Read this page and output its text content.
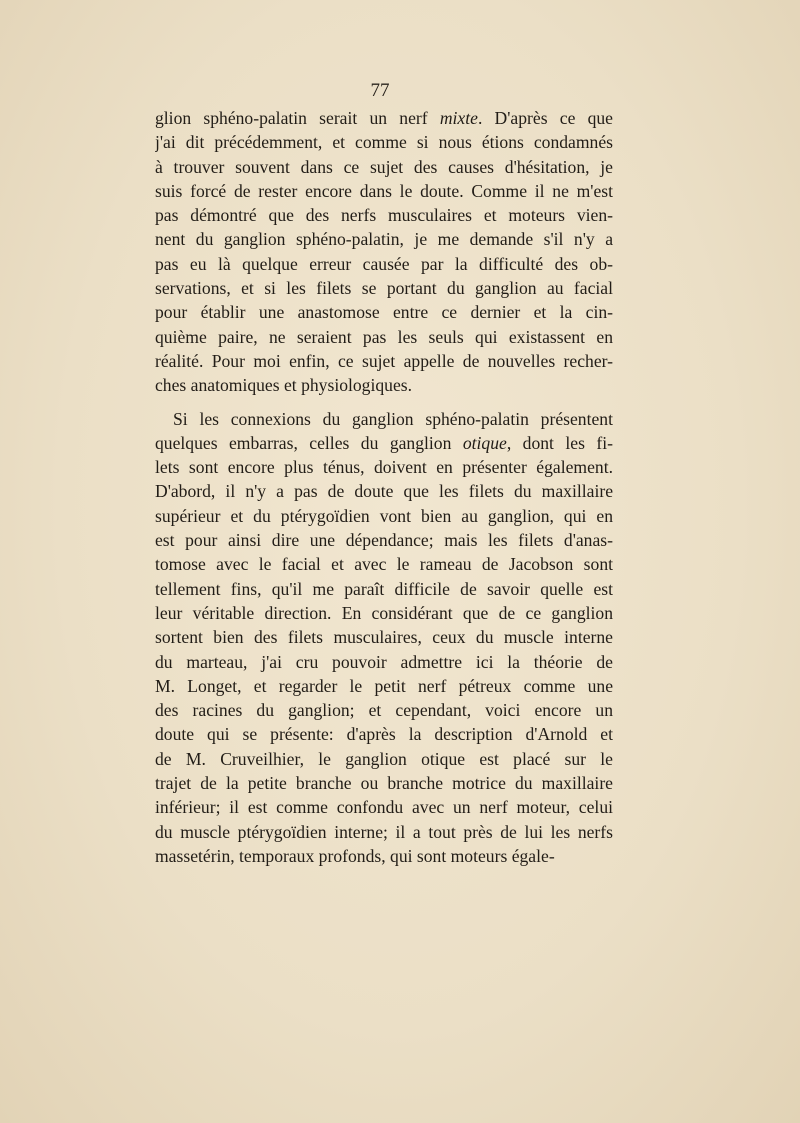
77
glion sphéno-palatin serait un nerf mixte. D'après ce que
j'ai dit précédemment, et comme si nous étions condamnés
à trouver souvent dans ce sujet des causes d'hésitation, je
suis forcé de rester encore dans le doute. Comme il ne m'est
pas démontré que des nerfs musculaires et moteurs vien-
nent du ganglion sphéno-palatin, je me demande s'il n'y a
pas eu là quelque erreur causée par la difficulté des ob-
servations, et si les filets se portant du ganglion au facial
pour établir une anastomose entre ce dernier et la cin-
quième paire, ne seraient pas les seuls qui existassent en
réalité. Pour moi enfin, ce sujet appelle de nouvelles recher-
ches anatomiques et physiologiques.
Si les connexions du ganglion sphéno-palatin présentent
quelques embarras, celles du ganglion otique, dont les fi-
lets sont encore plus ténus, doivent en présenter également.
D'abord, il n'y a pas de doute que les filets du maxillaire
supérieur et du ptérygoïdien vont bien au ganglion, qui en
est pour ainsi dire une dépendance; mais les filets d'anas-
tomose avec le facial et avec le rameau de Jacobson sont
tellement fins, qu'il me paraît difficile de savoir quelle est
leur véritable direction. En considérant que de ce ganglion
sortent bien des filets musculaires, ceux du muscle interne
du marteau, j'ai cru pouvoir admettre ici la théorie de
M. Longet, et regarder le petit nerf pétreux comme une
des racines du ganglion; et cependant, voici encore un
doute qui se présente: d'après la description d'Arnold et
de M. Cruveilhier, le ganglion otique est placé sur le
trajet de la petite branche ou branche motrice du maxillaire
inférieur; il est comme confondu avec un nerf moteur, celui
du muscle ptérygoïdien interne; il a tout près de lui les nerfs
massetérin, temporaux profonds, qui sont moteurs égale-
